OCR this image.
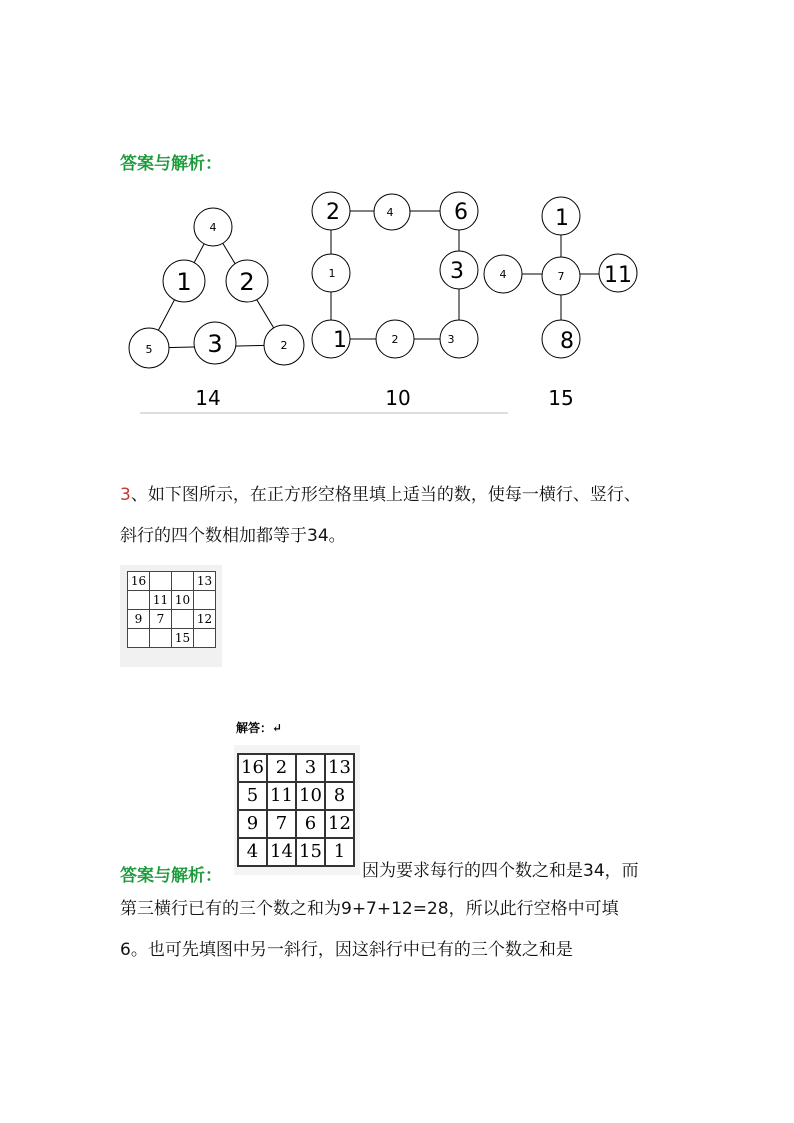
答案与解析：
4
1 2
5 3	2
14
2	4	6
1	3
1	2	3
10
1
4	7 11
8
15
3、如下图所示，在正方形空格里填上适当的数，使每一横行、竖行、
斜行的四个数相加都等于34。
16			13
	11	10	
9	7		12
		15	
解答：↵
16	2	3	13
5	11	10	8
9	7	6	12
4	14	15	1
答案与解析：	因为要求每行的四个数之和是34，而
第三横行已有的三个数之和为9+7+12=28，所以此行空格中可填
6。也可先填图中另一斜行，因这斜行中已有的三个数之和是
